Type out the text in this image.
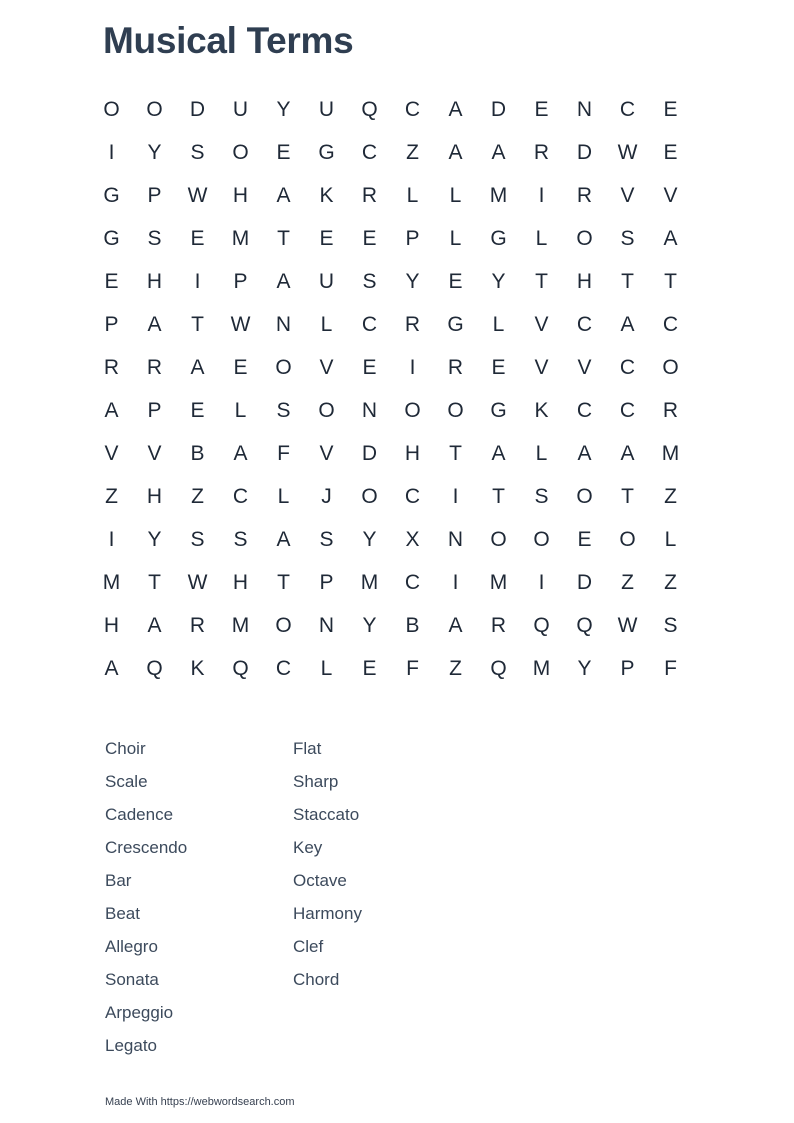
Musical Terms
O	O	D	U	Y	U	Q	C	A	D	E	N	C	E
I	Y	S	O	E	G	C	Z	A	A	R	D	W	E
G	P	W	H	A	K	R	L	L	M	I	R	V	V
G	S	E	M	T	E	E	P	L	G	L	O	S	A
E	H	I	P	A	U	S	Y	E	Y	T	H	T	T
P	A	T	W	N	L	C	R	G	L	V	C	A	C
R	R	A	E	O	V	E	I	R	E	V	V	C	O
A	P	E	L	S	O	N	O	O	G	K	C	C	R
V	V	B	A	F	V	D	H	T	A	L	A	A	M
Z	H	Z	C	L	J	O	C	I	T	S	O	T	Z
I	Y	S	S	A	S	Y	X	N	O	O	E	O	L
M	T	W	H	T	P	M	C	I	M	I	D	Z	Z
H	A	R	M	O	N	Y	B	A	R	Q	Q	W	S
A	Q	K	Q	C	L	E	F	Z	Q	M	Y	P	F
Choir
Scale
Cadence
Crescendo
Bar
Beat
Allegro
Sonata
Arpeggio
Legato
Flat
Sharp
Staccato
Key
Octave
Harmony
Clef
Chord
Made With https://webwordsearch.com
